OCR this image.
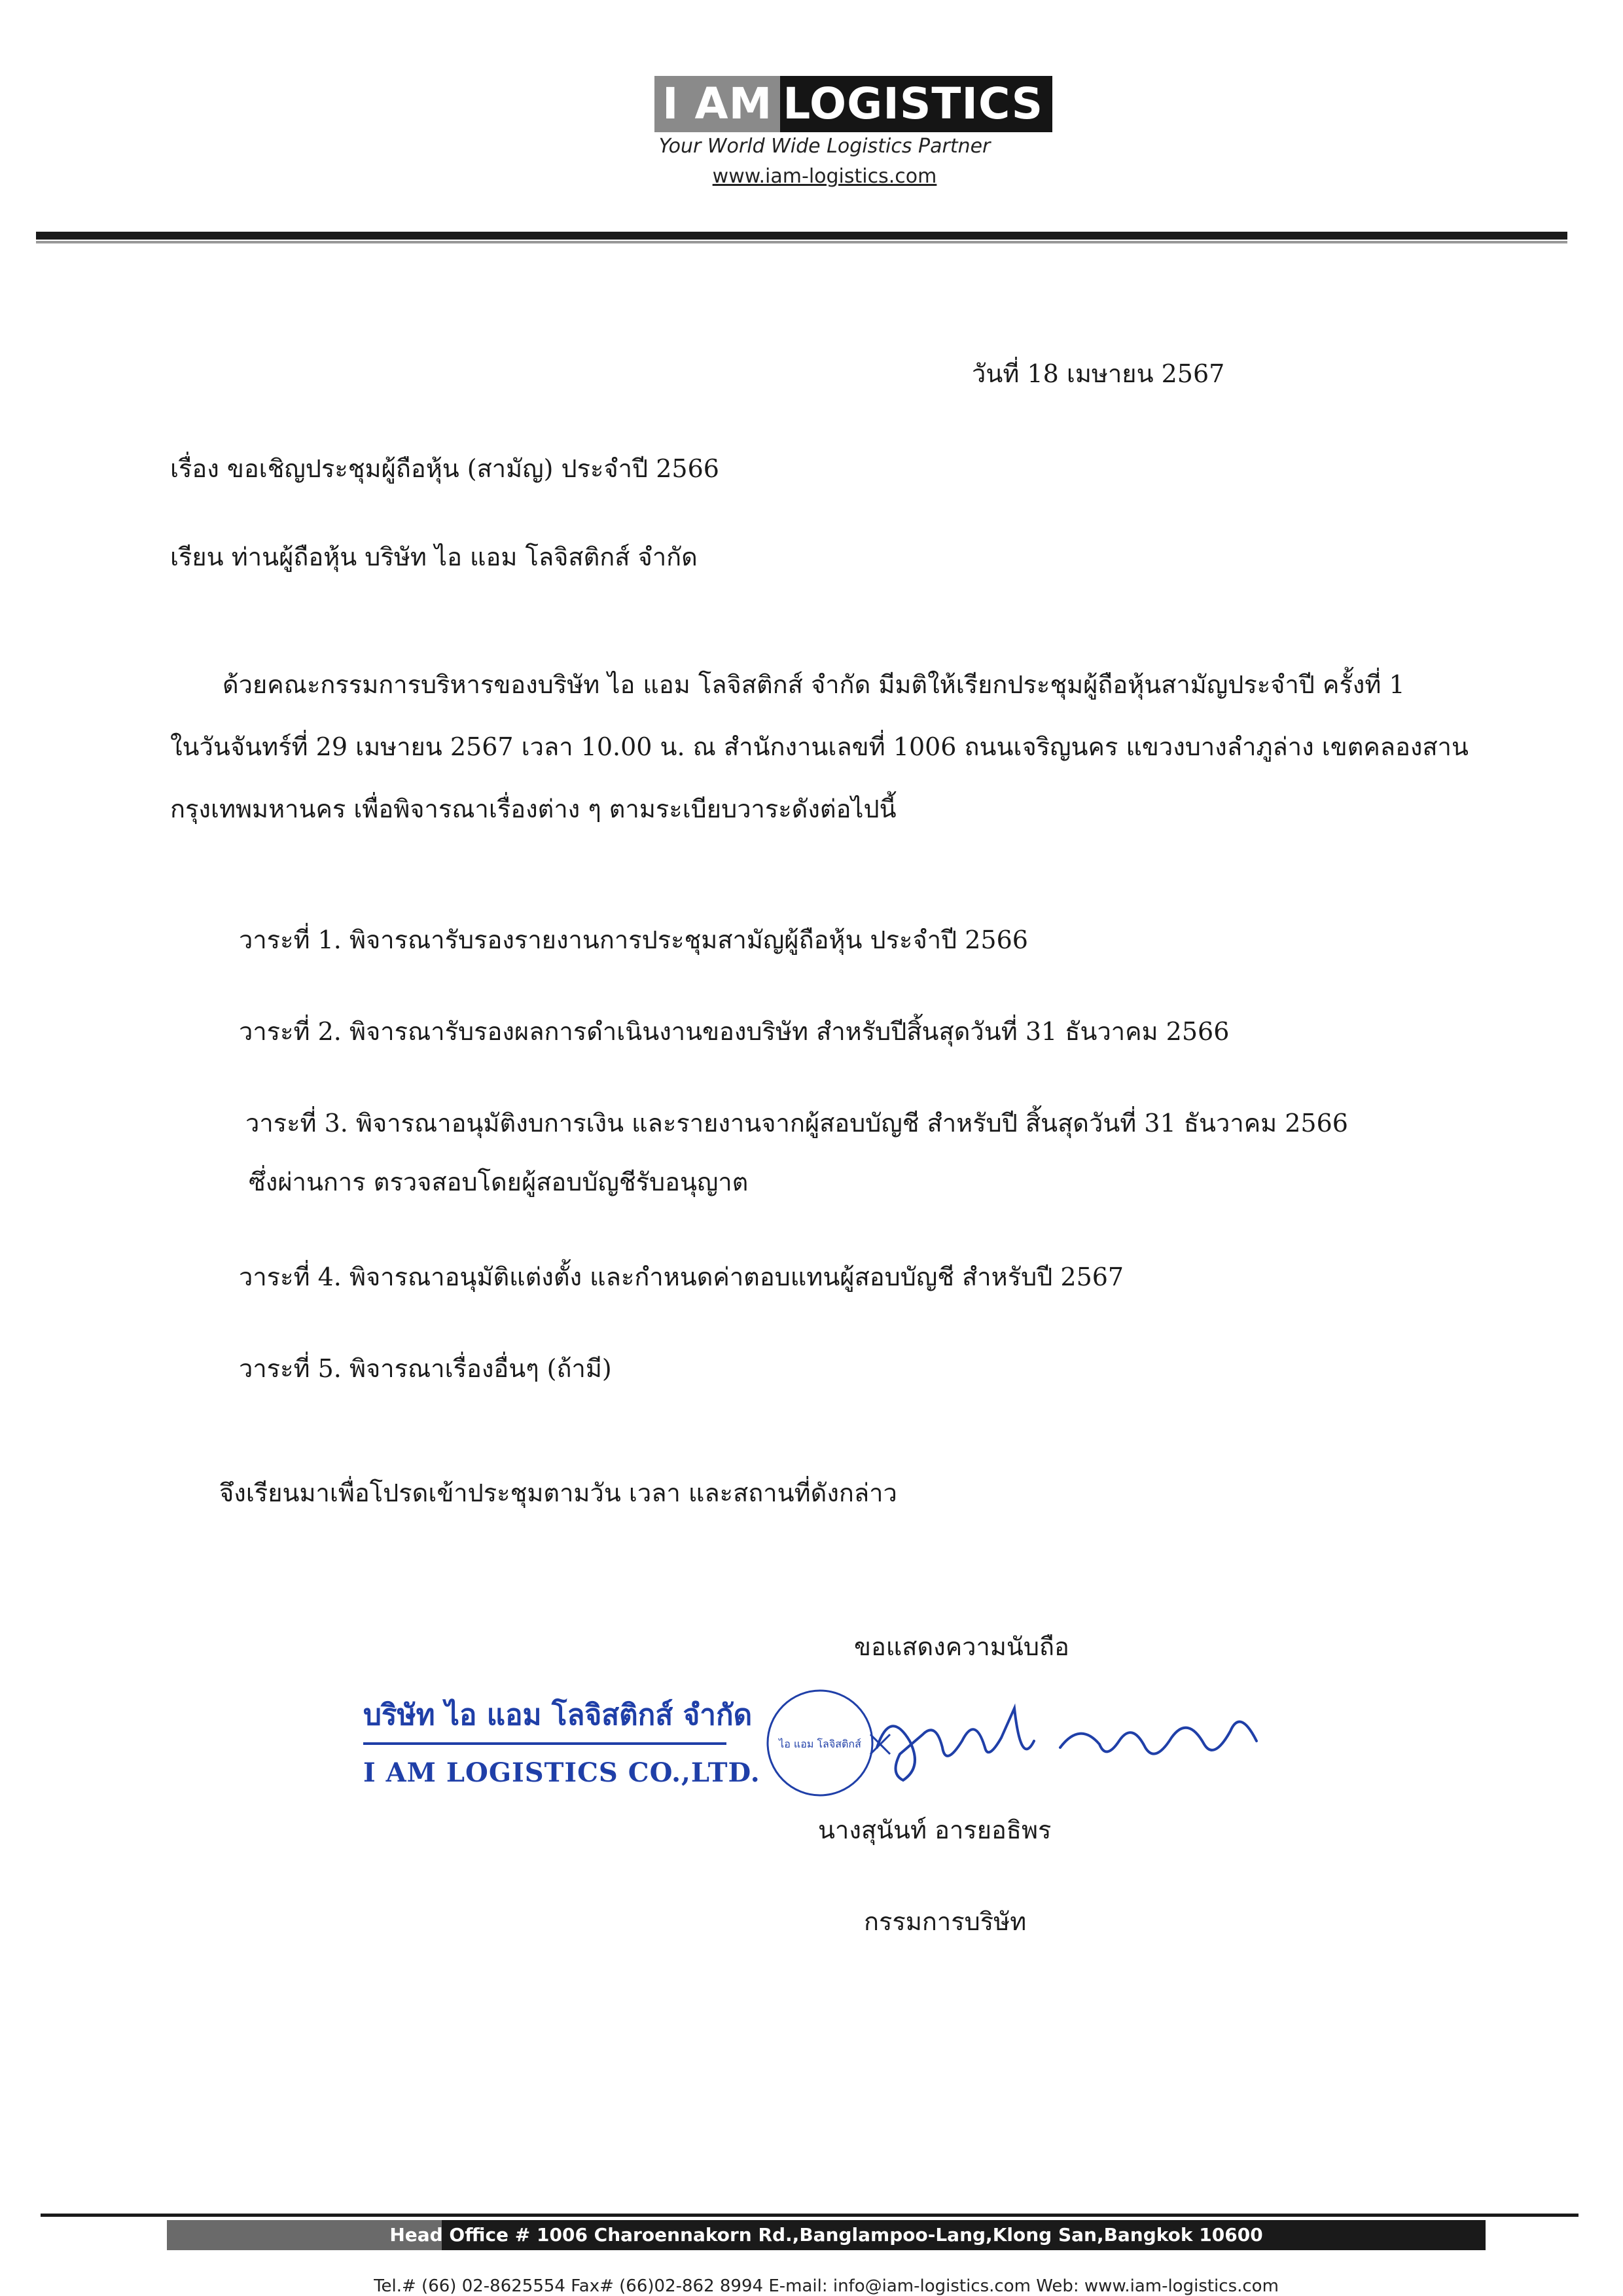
I AM LOGISTICS
Your World Wide Logistics Partner
www.iam-logistics.com
วันที่ 18 เมษายน 2567
เรื่อง ขอเชิญประชุมผู้ถือหุ้น (สามัญ) ประจำปี 2566
เรียน ท่านผู้ถือหุ้น บริษัท ไอ แอม โลจิสติกส์ จำกัด
ด้วยคณะกรรมการบริหารของบริษัท ไอ แอม โลจิสติกส์ จำกัด มีมติให้เรียกประชุมผู้ถือหุ้นสามัญประจำปี ครั้งที่ 1
ในวันจันทร์ที่ 29 เมษายน 2567 เวลา 10.00 น. ณ สำนักงานเลขที่ 1006 ถนนเจริญนคร แขวงบางลำภูล่าง เขตคลองสาน
กรุงเทพมหานคร เพื่อพิจารณาเรื่องต่าง ๆ ตามระเบียบวาระดังต่อไปนี้
วาระที่ 1. พิจารณารับรองรายงานการประชุมสามัญผู้ถือหุ้น ประจำปี 2566
วาระที่ 2. พิจารณารับรองผลการดำเนินงานของบริษัท สำหรับปีสิ้นสุดวันที่ 31 ธันวาคม 2566
วาระที่ 3. พิจารณาอนุมัติงบการเงิน และรายงานจากผู้สอบบัญชี สำหรับปี สิ้นสุดวันที่ 31 ธันวาคม 2566
ซึ่งผ่านการ ตรวจสอบโดยผู้สอบบัญชีรับอนุญาต
วาระที่ 4. พิจารณาอนุมัติแต่งตั้ง และกำหนดค่าตอบแทนผู้สอบบัญชี สำหรับปี 2567
วาระที่ 5. พิจารณาเรื่องอื่นๆ (ถ้ามี)
จึงเรียนมาเพื่อโปรดเข้าประชุมตามวัน เวลา และสถานที่ดังกล่าว
ขอแสดงความนับถือ
บริษัท ไอ แอม โลจิสติกส์ จำกัด
I AM LOGISTICS CO.,LTD.
ไอ แอม โลจิสติกส์
นางสุนันท์ อารยอธิพร
กรรมการบริษัท
Head Office # 1006 Charoennakorn Rd.,Banglampoo-Lang,Klong San,Bangkok 10600
Tel.# (66) 02-8625554 Fax# (66)02-862 8994 E-mail: info@iam-logistics.com Web: www.iam-logistics.com
